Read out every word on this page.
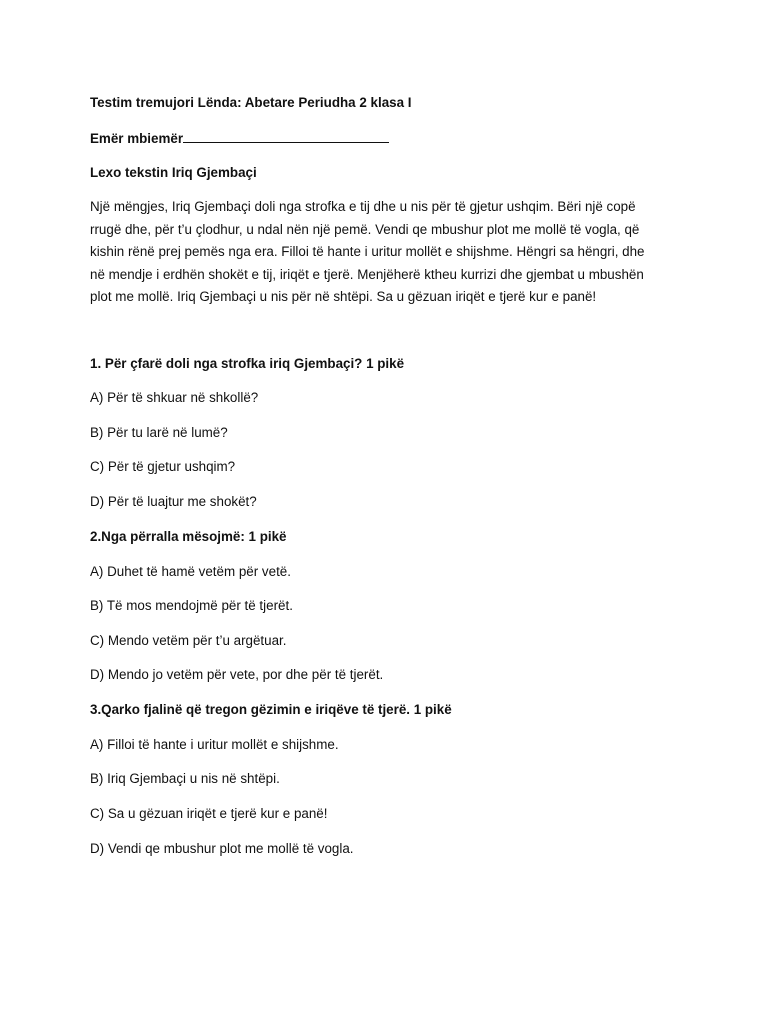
Testim tremujori Lënda: Abetare Periudha 2 klasa I
Emër mbiemër
Lexo tekstin Iriq Gjembaçi
Një mëngjes, Iriq Gjembaçi doli nga strofka e tij dhe u nis për të gjetur ushqim. Bëri një copë
rrugë dhe, për t’u çlodhur, u ndal nën një pemë. Vendi qe mbushur plot me mollë të vogla, që
kishin rënë prej pemës nga era. Filloi të hante i uritur mollët e shijshme. Hëngri sa hëngri, dhe
në mendje i erdhën shokët e tij, iriqët e tjerë. Menjëherë ktheu kurrizi dhe gjembat u mbushën
plot me mollë. Iriq Gjembaçi u nis për në shtëpi. Sa u gëzuan iriqët e tjerë kur e panë!
1. Për çfarë doli nga strofka iriq Gjembaçi? 1 pikë
A) Për të shkuar në shkollë?
B) Për tu larë në lumë?
C) Për të gjetur ushqim?
D) Për të luajtur me shokët?
2.Nga përralla mësojmë: 1 pikë
A) Duhet të hamë vetëm për vetë.
B) Të mos mendojmë për të tjerët.
C) Mendo vetëm për t’u argëtuar.
D) Mendo jo vetëm për vete, por dhe për të tjerët.
3.Qarko fjalinë që tregon gëzimin e iriqëve të tjerë. 1 pikë
A) Filloi të hante i uritur mollët e shijshme.
B) Iriq Gjembaçi u nis në shtëpi.
C) Sa u gëzuan iriqët e tjerë kur e panë!
D) Vendi qe mbushur plot me mollë të vogla.
